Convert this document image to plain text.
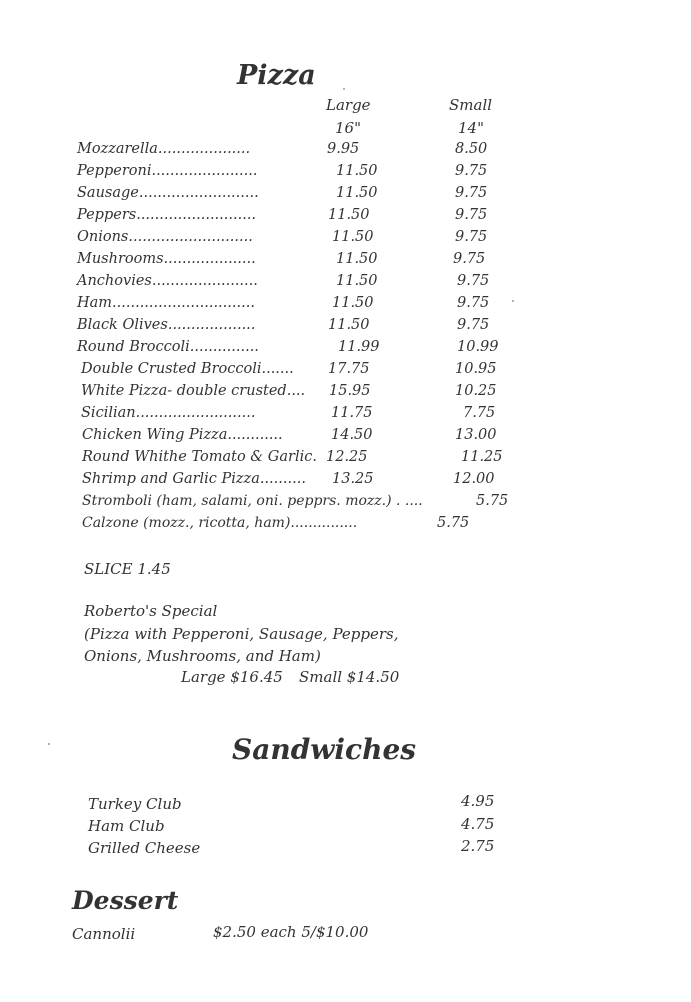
Pizza
Large
16"
Small
14"
Mozzarella....................	9.95	8.50
Pepperoni.......................	11.50	9.75
Sausage..........................	11.50	9.75
Peppers..........................	11.50	9.75
Onions...........................	11.50	9.75
Mushrooms....................	11.50	9.75
Anchovies.......................	11.50	9.75
Ham...............................	11.50	9.75
Black Olives...................	11.50	9.75
Round Broccoli...............	11.99	10.99
Double Crusted Broccoli....... 17.75	10.95
White Pizza- double crusted.... 15.95	10.25
Sicilian..........................	11.75	7.75
Chicken Wing Pizza............	14.50	13.00
Round Whithe Tomato & Garlic. 12.25	11.25
Shrimp and Garlic Pizza.......... 13.25	12.00
Stromboli (ham, salami, oni. pepprs. mozz.) . ....	5.75
Calzone (mozz., ricotta, ham)...............	5.75
SLICE 1.45
Roberto's Special
(Pizza with Pepperoni, Sausage, Peppers,
Onions, Mushrooms, and Ham)
Large $16.45 Small $14.50
Sandwiches
Turkey Club	4.95
Ham Club	4.75
Grilled Cheese	2.75
Dessert
Cannolii	$2.50 each 5/$10.00
